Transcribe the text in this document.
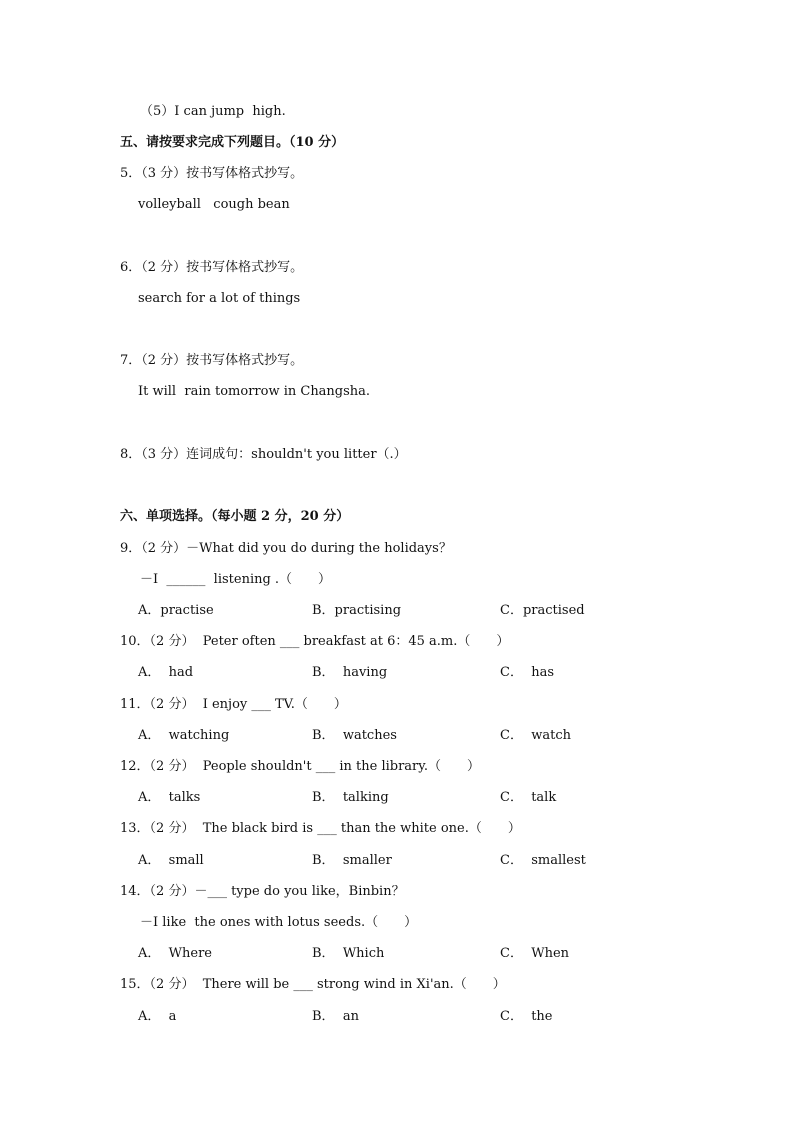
（5）I can jump  high.
五、请按要求完成下列题目。（10 分）
5．（3 分）按书写体格式抄写。
volleyball   cough bean
6．（2 分）按书写体格式抄写。
search for a lot of things
7．（2 分）按书写体格式抄写。
It will  rain tomorrow in Changsha.
8．（3 分）连词成句：shouldn't you litter（.）
六、单项选择。（每小题 2 分，20 分）
9．（2 分）－What did you do during the holidays？
－I  ______  listening .（　　）
A．practise	B．practising	C．practised
10．（2 分）  Peter often ___ breakfast at 6：45 a.m.（　　）
A．  had	B．  having	C．  has
11．（2 分）  I enjoy ___ TV.（　　）
A．  watching	B．  watches	C．  watch
12．（2 分）  People shouldn't ___ in the library.（　　）
A．  talks	B．  talking	C．  talk
13．（2 分）  The black bird is ___ than the white one.（　　）
A．  small	B．  smaller	C．  smallest
14．（2 分）－___ type do you like，Binbin？
－I like  the ones with lotus seeds.（　　）
A．  Where	B．  Which	C．  When
15．（2 分）  There will be ___ strong wind in Xi'an.（　　）
A．  a	B．  an	C．  the
